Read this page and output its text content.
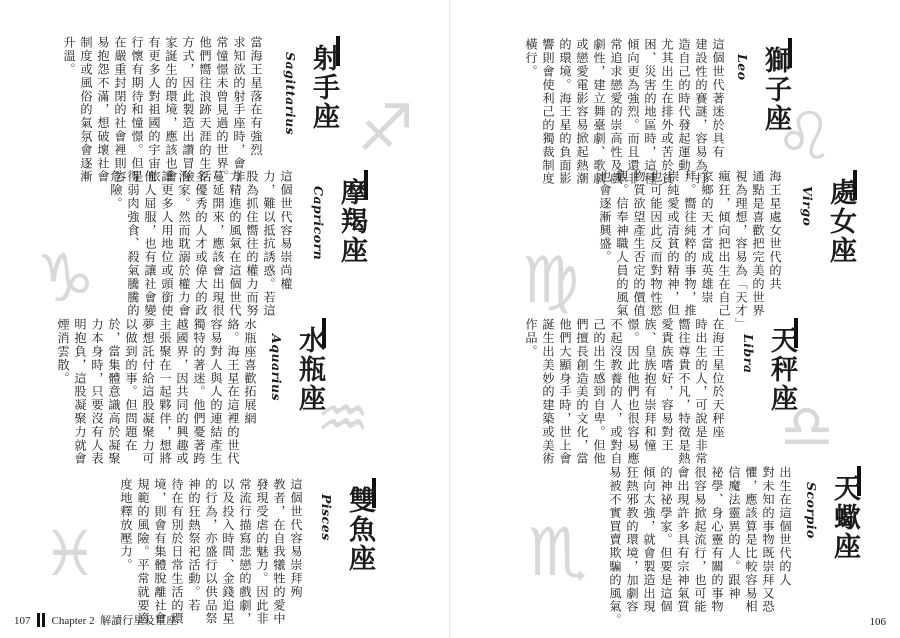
射手座
Sagittarius
當海王星落在有強烈
求知欲的射手座時，會非
常憧憬未曾見過的世界。
他們嚮往浪跡天涯的生活
方式，因此製造出讚冒險
家誕生的環境，應該也會
有更多人對祖國的宇宙旅
行懷有期待和憧憬。但是
在嚴重封閉的社會裡則容
易抱怨不滿，想破壞社會
制度或風俗的氣氛會逐漸
升溫。
♐
摩羯座
Capricorn
這個世代容易崇尚權
力，難以抵抗誘惑。若這
股為抓住嚮往的權力而努
力精進的風氣在這個世代
蔓延開來，應該會出現很
多優秀的人才或偉大的政
治家。然而耽溺於權力會
讓更多人用地位或頭銜使
他人屈服，也有讓社會變
得弱肉強食、殺氣騰騰的
危險。
♑
水瓶座
Aquarius
水瓶座喜歡拓展網
絡。海王星在這裡的世代
容易對人與人的連結產生
獨特的著迷。他們憂著跨
越國界，因共同的興趣或
主張聚在一起夥伴，想將
夢想託付給這股凝聚力可
以做到的事。但問題在
於，當集體意識高於凝聚
力本身時，只要沒有人表
明抱負，這股凝聚力就會
煙消雲散。
♒
雙魚座
Pisces
這個世代容易崇拜殉
教者，在自我犧牲的愛中
發現受虐的魅力。因此非
常流行描寫悲戀的戲劇，
以及投入時間、金錢追星
的行為，亦盛行以供品祭
神的狂熱祭祀活動。若
待在有別於日常生活的環
境，則會有集體脫離社會
規範的風險。平常就要適
度地釋放壓力。
♓
107 Chapter 2 解讀行星及星座
獅子座
Leo
這個世代著迷於具有
建設性的賽謎，容易為打
造自己的時代發起運動。
尤其出生在排外或苦於貧
困、災害的地區時，這種
傾向更為強烈。而且還非
常追求戀愛的崇高性及戲
劇性，建立舞臺劇、歌劇
或戀愛電影容易掀起熱潮
的環境。海王星的負面影
響則會使利己的獨裁制度
橫行。
♌
處女座
Virgo
海王星處女世代的共
通點是喜歡把完美的世界
視為理想，容易為「天才」
瘋狂，傾向把出生在自己
家鄉的天才當成英雄崇
拜。嚮往純粹的事物，推
崇純愛或清貧的精神，但
也可能因此反而對物性慾
物質欲望產生否定的價值
觀。信奉神職人員的風氣
也會逐漸興盛。
♍
天秤座
Libra
在海王星位於天秤座
時出生的人，可說是非常
嚮往尊貴不凡，特徵是熱
愛貴族嗜好，容易對王
族、皇族抱有崇拜和憧
憬。因此他們也很容易應
不起沒教養的人，或對自
己的出生感到自卑。但他
們擅長創造美的文化，當
他們大顯身手時，世上會
誕生出美妙的建築或美術
作品。
♎
天蠍座
Scorpio
出生在這個世代的人
對未知的事物既崇拜又恐
懼，應該算是比較容易相
信魔法靈異的人。跟神
祕學、身心靈有關的事物
很容易掀起流行，也可能
會出現許多具有宗神氣質
的神祕學家。但要是這個
傾向太強，就會製造出現
狂熱邪教的環境，加劇容
易被不實買賣欺騙的風氣。
♏
106
